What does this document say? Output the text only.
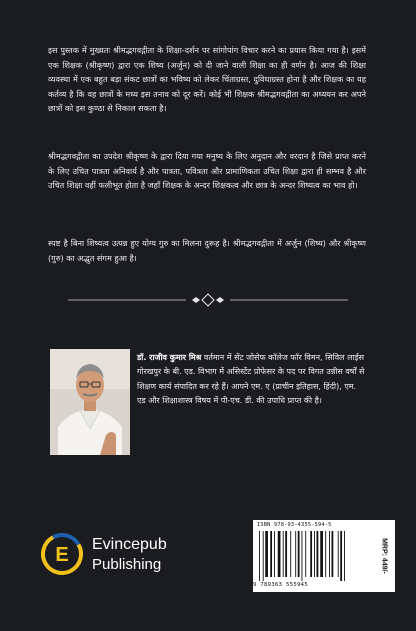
इस पुस्तक में मुख्यतः श्रीमद्भगवद्गीता के शिक्षा-दर्शन पर सांगोपांग विचार करने का प्रयास किया गया है। इसमें एक शिक्षक (श्रीकृष्ण) द्वारा एक शिष्य (अर्जुन) को दी जाने वाली शिक्षा का ही वर्णन है। आज की शिक्षा व्यवस्था में एक बहुत बड़ा संकट छात्रों का भविष्य को लेकर चिंताग्रस्त, दुविधाग्रस्त होना है और शिक्षक का यह कर्तव्य है कि वह छात्रों के मध्य इस तनाव को दूर करें। कोई भी शिक्षक श्रीमद्भगवद्गीता का अध्ययन कर अपने छात्रों को इस कुण्ठा से निकाल सकता है।

श्रीमद्भगवद्गीता का उपदेश श्रीकृष्ण के द्वारा दिया गया मनुष्य के लिए अनुदान और वरदान है जिसे प्राप्त करने के लिए उचित पात्रता अनिवार्य है और पात्रता, पवित्रता और प्रामाणिकता उचित शिक्षा द्वारा ही सम्भव है और उचित शिक्षा वहीं फलीभूत होता है जहाँ शिक्षक के अन्दर शिक्षकत्व और छात्र के अन्दर शिष्यत्व का भाव हो।

स्पष्ट है बिना शिष्यत्व उत्पन्न हुए योग्य गुरु का मिलना दुरूह है। श्रीमद्भगवद्गीता में अर्जुन (शिष्य) और श्रीकृष्ण (गुरु) का अद्भुत संगम हुआ है।

डॉ. राजीव कुमार मिश्र वर्तमान में सेंट जोसेफ कॉलेज फॉर विमन, सिविल लाईस गोरखपुर के बी. एड. विभाग में असिस्टेंट प्रोफेसर के पद पर विगत उन्नीस वर्षों से शिक्षण कार्य संपादित कर रहे हैं। आपने एम. ए (प्राचीन इतिहास, हिंदी), एम. एड और शिक्षाशास्त्र विषय में पी-एच. डी. की उपाधि प्राप्त की है।

E Evincepub
Publishing
ISBN 978-93-4355-594-5
9 789363 555945
MRP: 449/-
